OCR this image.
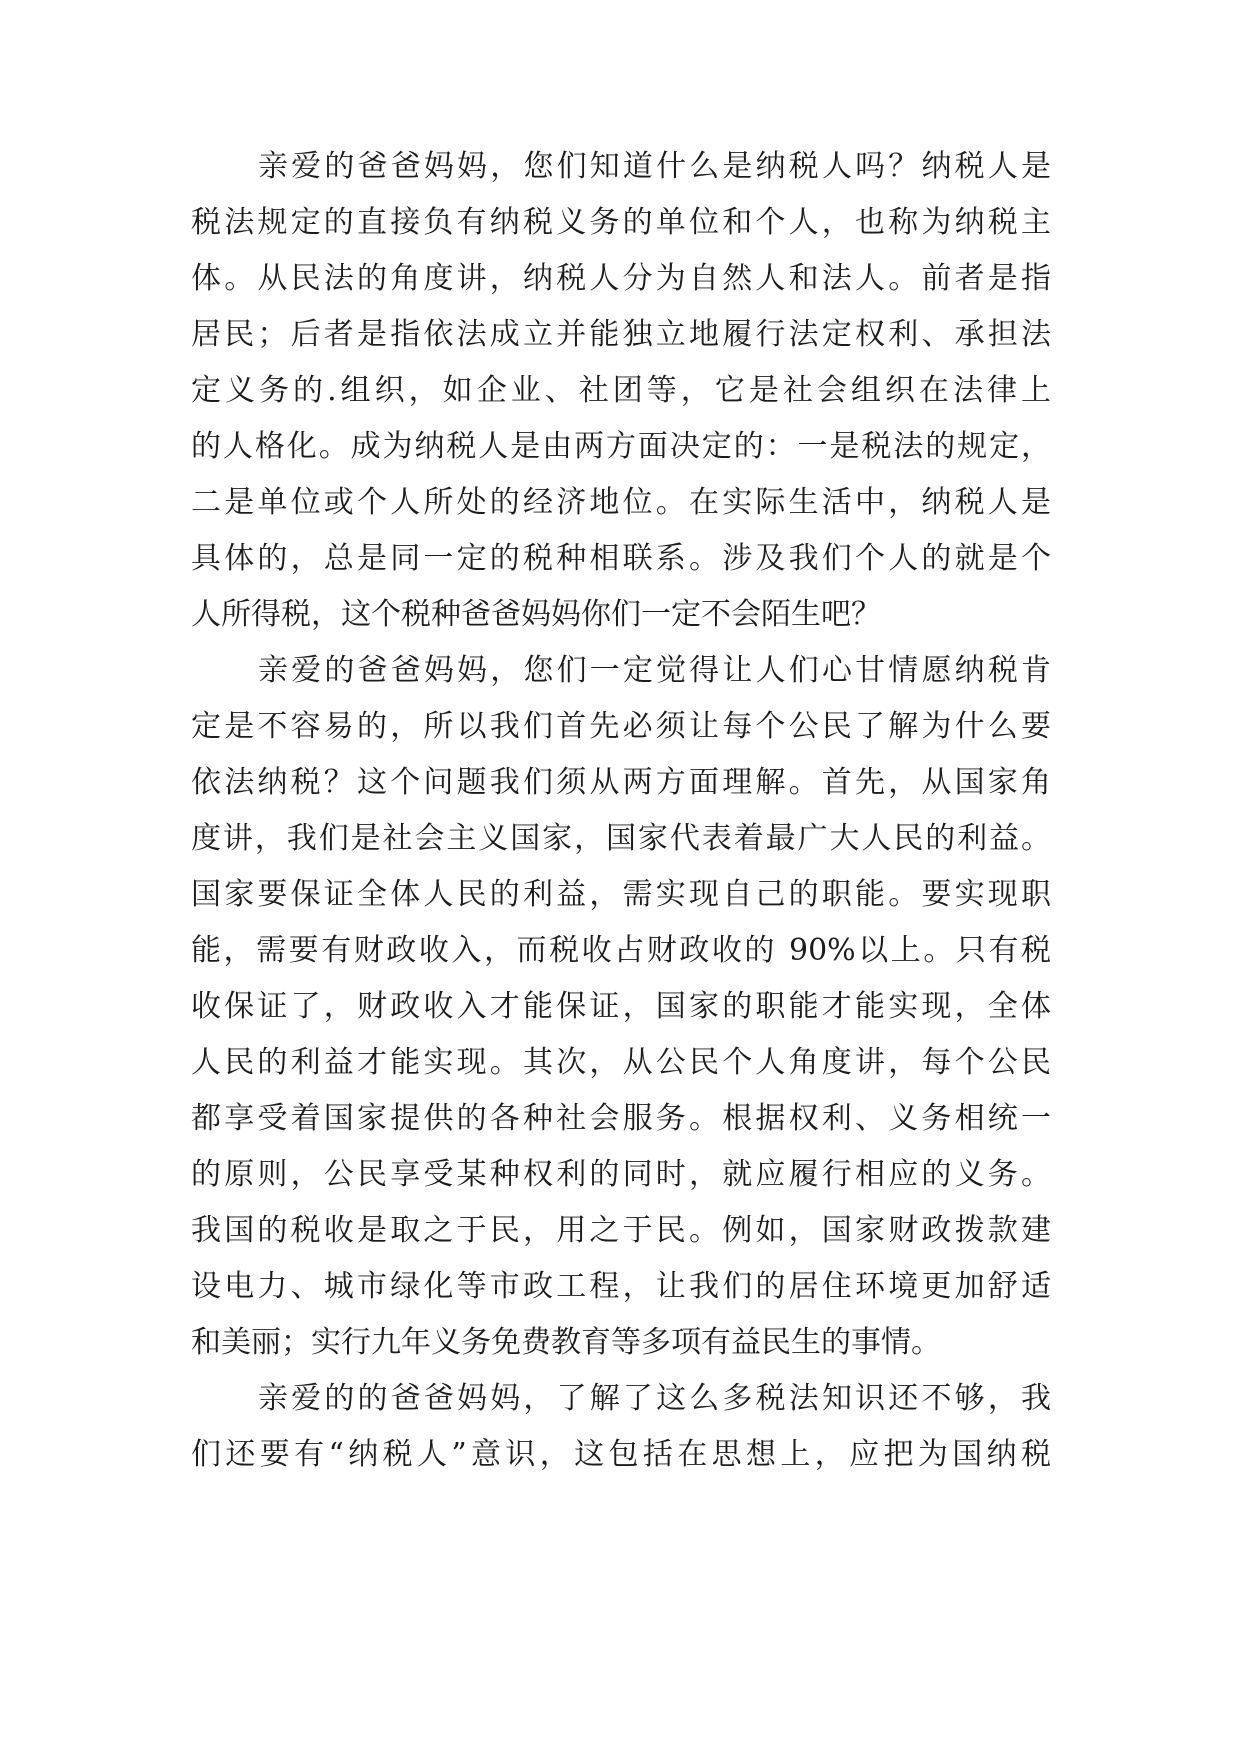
亲爱的爸爸妈妈，您们知道什么是纳税人吗？纳税人是
税法规定的直接负有纳税义务的单位和个人，也称为纳税主
体。从民法的角度讲，纳税人分为自然人和法人。前者是指
居民；后者是指依法成立并能独立地履行法定权利、承担法
定义务的.组织，如企业、社团等，它是社会组织在法律上
的人格化。成为纳税人是由两方面决定的：一是税法的规定，
二是单位或个人所处的经济地位。在实际生活中，纳税人是
具体的，总是同一定的税种相联系。涉及我们个人的就是个
人所得税，这个税种爸爸妈妈你们一定不会陌生吧？
亲爱的爸爸妈妈，您们一定觉得让人们心甘情愿纳税肯
定是不容易的，所以我们首先必须让每个公民了解为什么要
依法纳税？这个问题我们须从两方面理解。首先，从国家角
度讲，我们是社会主义国家，国家代表着最广大人民的利益。
国家要保证全体人民的利益，需实现自己的职能。要实现职
能，需要有财政收入，而税收占财政收的 90%以上。只有税
收保证了，财政收入才能保证，国家的职能才能实现，全体
人民的利益才能实现。其次，从公民个人角度讲，每个公民
都享受着国家提供的各种社会服务。根据权利、义务相统一
的原则，公民享受某种权利的同时，就应履行相应的义务。
我国的税收是取之于民，用之于民。例如，国家财政拨款建
设电力、城市绿化等市政工程，让我们的居住环境更加舒适
和美丽；实行九年义务免费教育等多项有益民生的事情。
亲爱的的爸爸妈妈，了解了这么多税法知识还不够，我
们还要有“纳税人”意识，这包括在思想上，应把为国纳税
